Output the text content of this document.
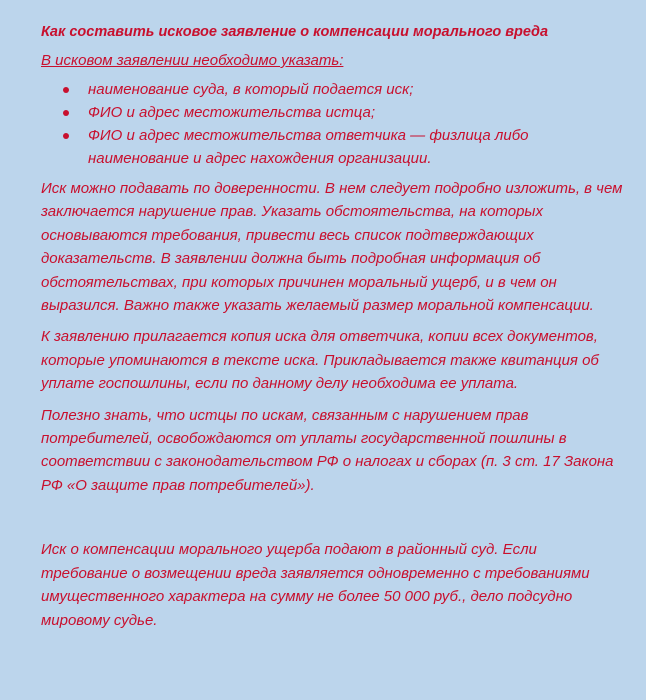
Как составить исковое заявление о компенсации морального вреда
В исковом заявлении необходимо указать:
наименование суда, в который подается иск;
ФИО и адрес местожительства истца;
ФИО и адрес местожительства ответчика — физлица либо наименование и адрес нахождения организации.

Иск можно подавать по доверенности. В нем следует подробно изложить, в чем заключается нарушение прав. Указать обстоятельства, на которых основываются требования, привести весь список подтверждающих доказательств. В заявлении должна быть подробная информация об обстоятельствах, при которых причинен моральный ущерб, и в чем он выразился. Важно также указать желаемый размер моральной компенсации.

К заявлению прилагается копия иска для ответчика, копии всех документов, которые упоминаются в тексте иска. Прикладывается также квитанция об уплате госпошлины, если по данному делу необходима ее уплата.

Полезно знать, что истцы по искам, связанным с нарушением прав потребителей, освобождаются от уплаты государственной пошлины в соответствии с законодательством РФ о налогах и сборах (п. 3 ст. 17 Закона РФ «О защите прав потребителей»).

Иск о компенсации морального ущерба подают в районный суд. Если требование о возмещении вреда заявляется одновременно с требованиями имущественного характера на сумму не более 50 000 руб., дело подсудно мировому судье.
